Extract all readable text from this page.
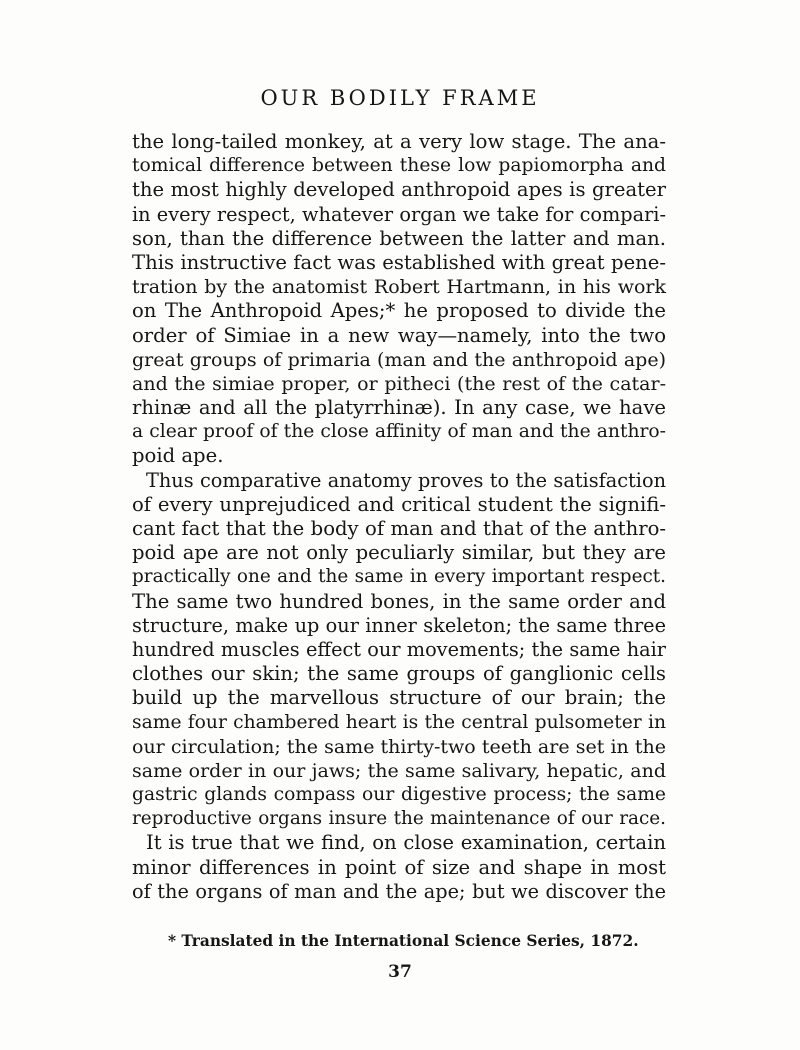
OUR BODILY FRAME
the long-tailed monkey, at a very low stage. The ana-
tomical difference between these low papiomorpha and
the most highly developed anthropoid apes is greater
in every respect, whatever organ we take for compari-
son, than the difference between the latter and man.
This instructive fact was established with great pene-
tration by the anatomist Robert Hartmann, in his work
on The Anthropoid Apes;* he proposed to divide the
order of Simiae in a new way—namely, into the two
great groups of primaria (man and the anthropoid ape)
and the simiae proper, or pitheci (the rest of the catar-
rhinæ and all the platyrrhinæ). In any case, we have
a clear proof of the close affinity of man and the anthro-
poid ape.
Thus comparative anatomy proves to the satisfaction
of every unprejudiced and critical student the signifi-
cant fact that the body of man and that of the anthro-
poid ape are not only peculiarly similar, but they are
practically one and the same in every important respect.
The same two hundred bones, in the same order and
structure, make up our inner skeleton; the same three
hundred muscles effect our movements; the same hair
clothes our skin; the same groups of ganglionic cells
build up the marvellous structure of our brain; the
same four chambered heart is the central pulsometer in
our circulation; the same thirty-two teeth are set in the
same order in our jaws; the same salivary, hepatic, and
gastric glands compass our digestive process; the same
reproductive organs insure the maintenance of our race.
It is true that we find, on close examination, certain
minor differences in point of size and shape in most
of the organs of man and the ape; but we discover the
* Translated in the International Science Series, 1872.
37
